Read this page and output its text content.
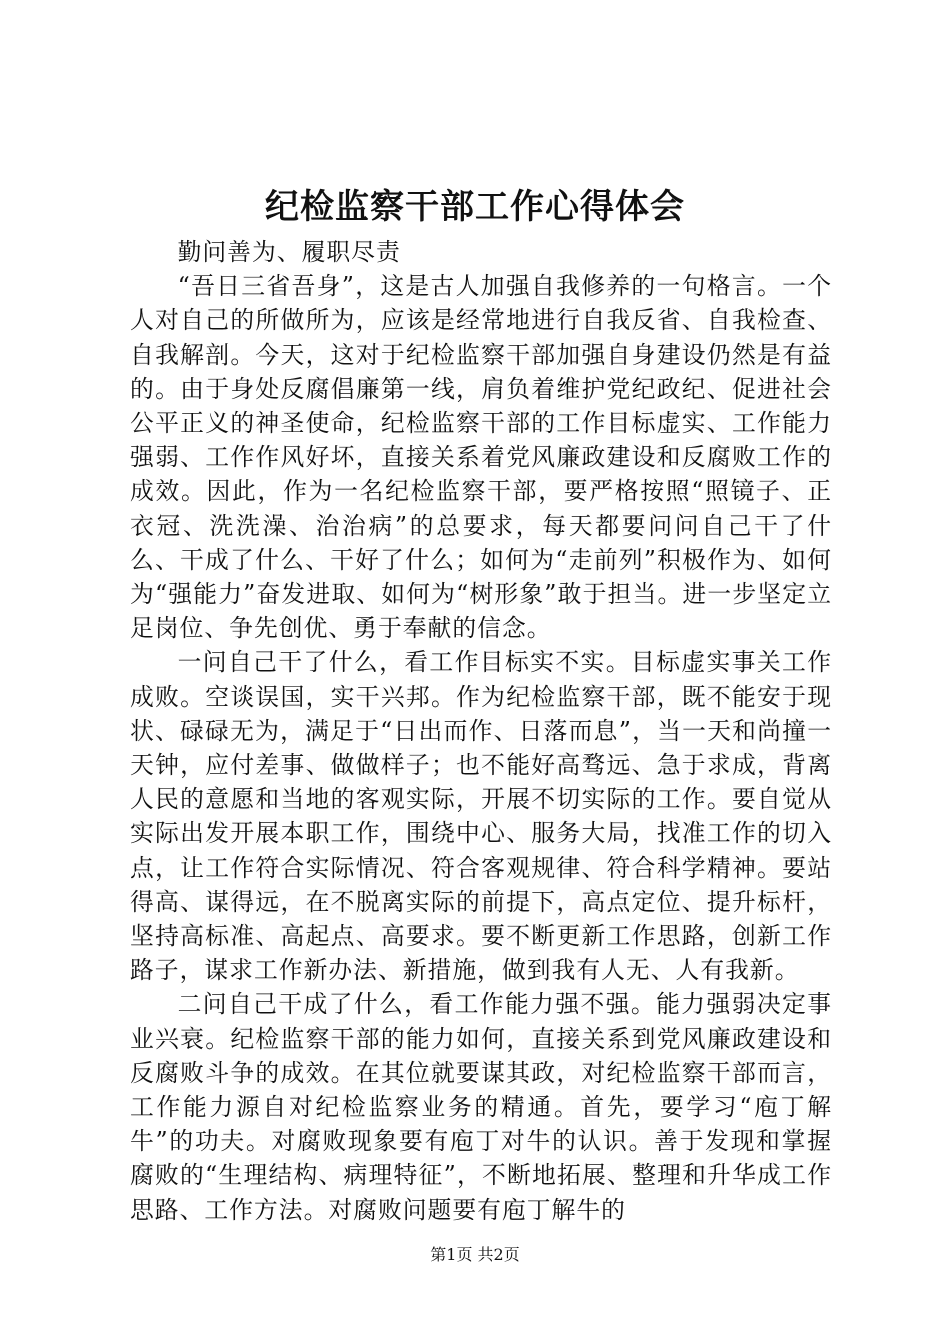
纪检监察干部工作心得体会

勤问善为、履职尽责

“吾日三省吾身”，这是古人加强自我修养的一句格言。一个人对自己的所做所为，应该是经常地进行自我反省、自我检查、自我解剖。今天，这对于纪检监察干部加强自身建设仍然是有益的。由于身处反腐倡廉第一线，肩负着维护党纪政纪、促进社会公平正义的神圣使命，纪检监察干部的工作目标虚实、工作能力强弱、工作作风好坏，直接关系着党风廉政建设和反腐败工作的成效。因此，作为一名纪检监察干部，要严格按照“照镜子、正衣冠、洗洗澡、治治病”的总要求，每天都要问问自己干了什么、干成了什么、干好了什么；如何为“走前列”积极作为、如何为“强能力”奋发进取、如何为“树形象”敢于担当。进一步坚定立足岗位、争先创优、勇于奉献的信念。

一问自己干了什么，看工作目标实不实。目标虚实事关工作成败。空谈误国，实干兴邦。作为纪检监察干部，既不能安于现状、碌碌无为，满足于“日出而作、日落而息”，当一天和尚撞一天钟，应付差事、做做样子；也不能好高骛远、急于求成，背离人民的意愿和当地的客观实际，开展不切实际的工作。要自觉从实际出发开展本职工作，围绕中心、服务大局，找准工作的切入点，让工作符合实际情况、符合客观规律、符合科学精神。要站得高、谋得远，在不脱离实际的前提下，高点定位、提升标杆，坚持高标准、高起点、高要求。要不断更新工作思路，创新工作路子，谋求工作新办法、新措施，做到我有人无、人有我新。

二问自己干成了什么，看工作能力强不强。能力强弱决定事业兴衰。纪检监察干部的能力如何，直接关系到党风廉政建设和反腐败斗争的成效。在其位就要谋其政，对纪检监察干部而言，工作能力源自对纪检监察业务的精通。首先，要学习“庖丁解牛”的功夫。对腐败现象要有庖丁对牛的认识。善于发现和掌握腐败的“生理结构、病理特征”，不断地拓展、整理和升华成工作思路、工作方法。对腐败问题要有庖丁解牛的

第1页 共2页
